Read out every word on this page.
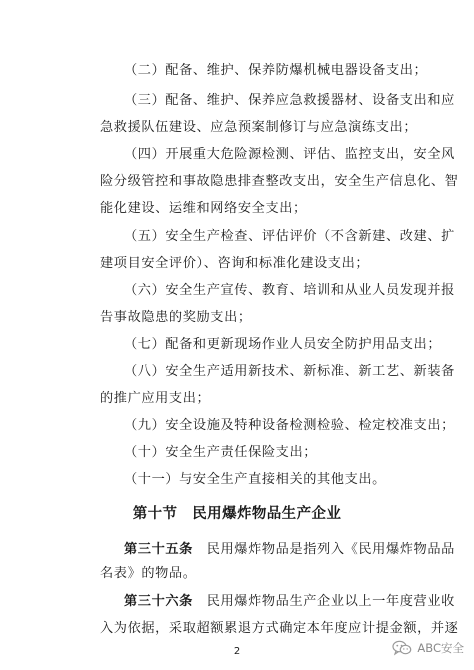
（二）配备、维护、保养防爆机械电器设备支出；
（三）配备、维护、保养应急救援器材、设备支出和应
急救援队伍建设、应急预案制修订与应急演练支出；
（四）开展重大危险源检测、评估、监控支出，安全风
险分级管控和事故隐患排查整改支出，安全生产信息化、智
能化建设、运维和网络安全支出；
（五）安全生产检查、评估评价（不含新建、改建、扩
建项目安全评价）、咨询和标准化建设支出；
（六）安全生产宣传、教育、培训和从业人员发现并报
告事故隐患的奖励支出；
（七）配备和更新现场作业人员安全防护用品支出；
（八）安全生产适用新技术、新标准、新工艺、新装备
的推广应用支出；
（九）安全设施及特种设备检测检验、检定校准支出；
（十）安全生产责任保险支出；
（十一）与安全生产直接相关的其他支出。
第十节　民用爆炸物品生产企业
第三十五条　 民用爆炸物品是指列入《民用爆炸物品品
名表》的物品。
第三十六条　 民用爆炸物品生产企业以上一年度营业收
入为依据，采取超额累退方式确定本年度应计提金额，并逐
ABC安全
2
